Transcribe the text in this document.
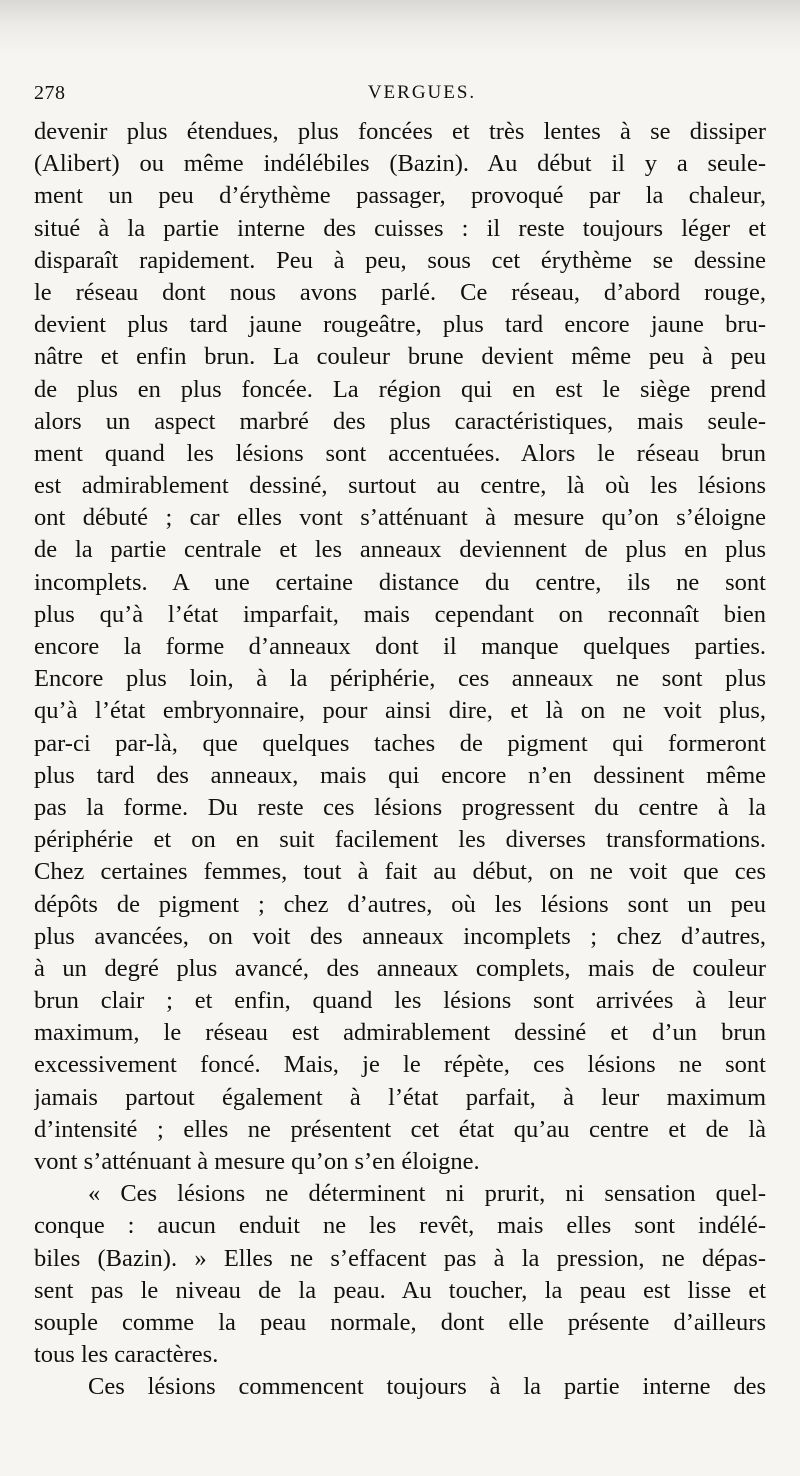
278	VERGUES.
devenir plus étendues, plus foncées et très lentes à se dissiper
(Alibert) ou même indélébiles (Bazin). Au début il y a seule-
ment un peu d’érythème passager, provoqué par la chaleur,
situé à la partie interne des cuisses : il reste toujours léger et
disparaît rapidement. Peu à peu, sous cet érythème se dessine
le réseau dont nous avons parlé. Ce réseau, d’abord rouge,
devient plus tard jaune rougeâtre, plus tard encore jaune bru-
nâtre et enfin brun. La couleur brune devient même peu à peu
de plus en plus foncée. La région qui en est le siège prend
alors un aspect marbré des plus caractéristiques, mais seule-
ment quand les lésions sont accentuées. Alors le réseau brun
est admirablement dessiné, surtout au centre, là où les lésions
ont débuté ; car elles vont s’atténuant à mesure qu’on s’éloigne
de la partie centrale et les anneaux deviennent de plus en plus
incomplets. A une certaine distance du centre, ils ne sont
plus qu’à l’état imparfait, mais cependant on reconnaît bien
encore la forme d’anneaux dont il manque quelques parties.
Encore plus loin, à la périphérie, ces anneaux ne sont plus
qu’à l’état embryonnaire, pour ainsi dire, et là on ne voit plus,
par-ci par-là, que quelques taches de pigment qui formeront
plus tard des anneaux, mais qui encore n’en dessinent même
pas la forme. Du reste ces lésions progressent du centre à la
périphérie et on en suit facilement les diverses transformations.
Chez certaines femmes, tout à fait au début, on ne voit que ces
dépôts de pigment ; chez d’autres, où les lésions sont un peu
plus avancées, on voit des anneaux incomplets ; chez d’autres,
à un degré plus avancé, des anneaux complets, mais de couleur
brun clair ; et enfin, quand les lésions sont arrivées à leur
maximum, le réseau est admirablement dessiné et d’un brun
excessivement foncé. Mais, je le répète, ces lésions ne sont
jamais partout également à l’état parfait, à leur maximum
d’intensité ; elles ne présentent cet état qu’au centre et de là
vont s’atténuant à mesure qu’on s’en éloigne.
« Ces lésions ne déterminent ni prurit, ni sensation quel-
conque : aucun enduit ne les revêt, mais elles sont indélé-
biles (Bazin). » Elles ne s’effacent pas à la pression, ne dépas-
sent pas le niveau de la peau. Au toucher, la peau est lisse et
souple comme la peau normale, dont elle présente d’ailleurs
tous les caractères.
Ces lésions commencent toujours à la partie interne des
